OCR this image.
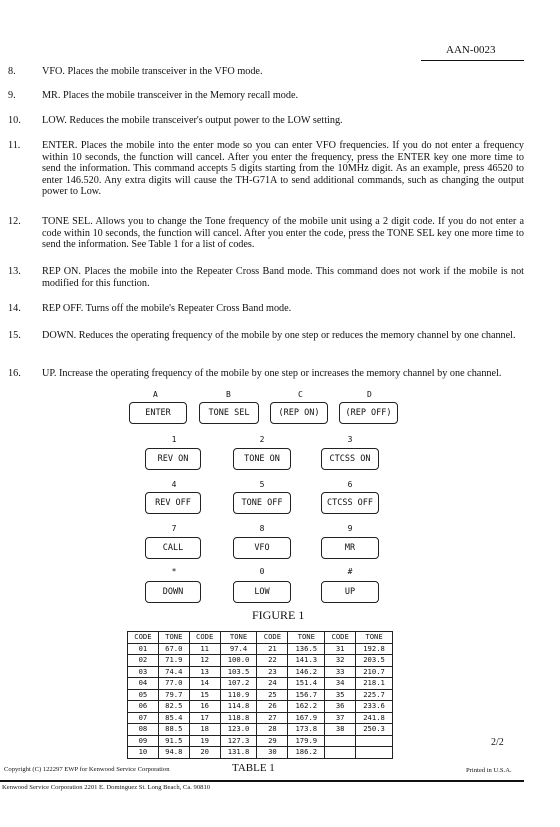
AAN-0023
8.	VFO. Places the mobile transceiver in the VFO mode.
9.	MR. Places the mobile transceiver in the Memory recall mode.
10. LOW. Reduces the mobile transceiver's output power to the LOW setting.
11. ENTER. Places the mobile into the enter mode so you can enter VFO frequencies. If you do not enter a frequency within 10 seconds, the function will cancel. After you enter the frequency, press the ENTER key one more time to send the information. This command accepts 5 digits starting from the 10MHz digit. As an example, press 46520 to enter 146.520. Any extra digits will cause the TH-G71A to send additional commands, such as changing the output power to Low.
12. TONE SEL. Allows you to change the Tone frequency of the mobile unit using a 2 digit code. If you do not enter a code within 10 seconds, the function will cancel. After you enter the code, press the TONE SEL key one more time to send the information. See Table 1 for a list of codes.
13. REP ON. Places the mobile into the Repeater Cross Band mode. This command does not work if the mobile is not modified for this function.
14. REP OFF. Turns off the mobile's Repeater Cross Band mode.
15. DOWN. Reduces the operating frequency of the mobile by one step or reduces the memory channel by one channel.
16. UP. Increase the operating frequency of the mobile by one step or increases the memory channel by one channel.
A	B	C	D
ENTER	TONE SEL	(REP ON)	(REP OFF)
1	2	3
REV ON	TONE ON	CTCSS ON
4	5	6
REV OFF	TONE OFF	CTCSS OFF
7	8	9
CALL	VFO	MR
*	0	#
DOWN	LOW	UP
FIGURE 1
CODE	TONE	CODE	TONE	CODE	TONE	CODE	TONE
01	67.0	11	97.4	21	136.5	31	192.8
02	71.9	12	100.0	22	141.3	32	203.5
03	74.4	13	103.5	23	146.2	33	210.7
04	77.0	14	107.2	24	151.4	34	218.1
05	79.7	15	110.9	25	156.7	35	225.7
06	82.5	16	114.8	26	162.2	36	233.6
07	85.4	17	118.8	27	167.9	37	241.8
08	88.5	18	123.0	28	173.8	38	250.3
09	91.5	19	127.3	29	179.9		
10	94.8	20	131.8	30	186.2		
TABLE 1
2/2
Copyright (C) 122297 EWP for Kenwood Service Corporation	Printed in U.S.A.
Kenwood Service Corporation 2201 E. Dominguez St. Long Beach, Ca. 90810
